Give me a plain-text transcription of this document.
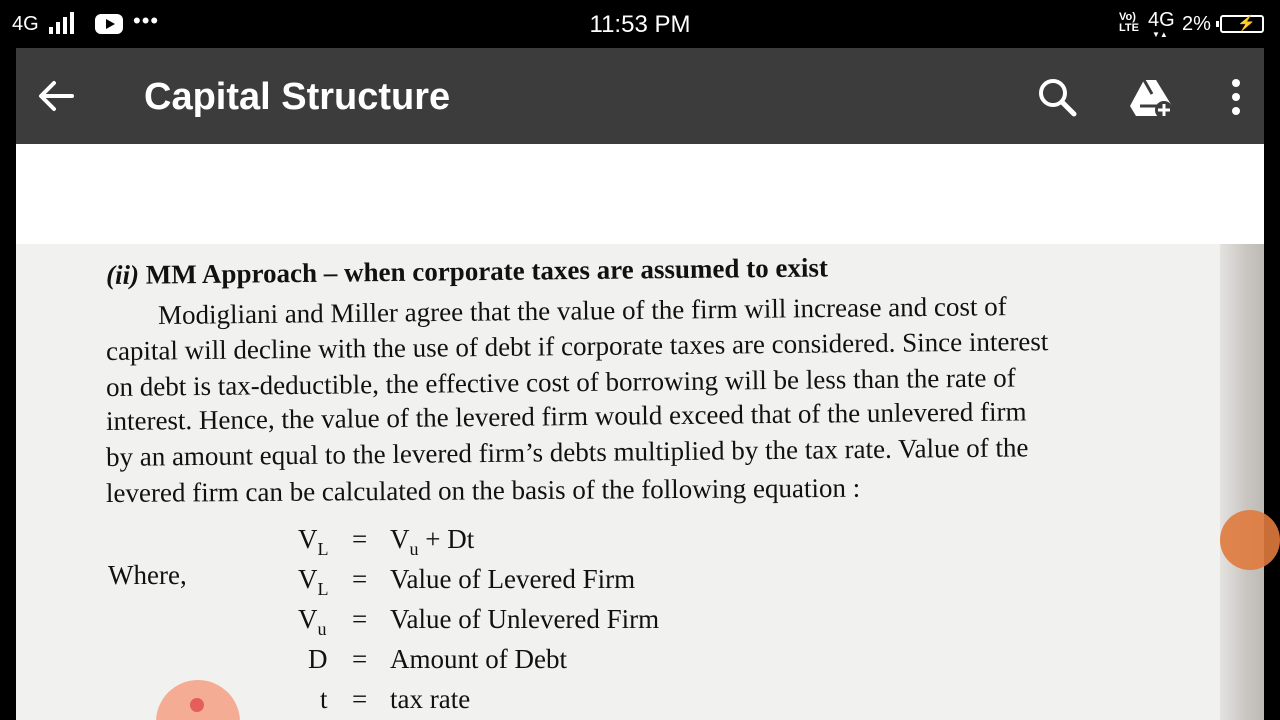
4G	•••	11:53 PM	Vo)
LTE 4G
▼▲ 2% ⚡
Capital Structure
(ii) MM Approach – when corporate taxes are assumed to exist
Modigliani and Miller agree that the value of the firm will increase and cost of
capital will decline with the use of debt if corporate taxes are considered. Since interest
on debt is tax-deductible, the effective cost of borrowing will be less than the rate of
interest. Hence, the value of the levered firm would exceed that of the unlevered firm
by an amount equal to the levered firm’s debts multiplied by the tax rate. Value of the
levered firm can be calculated on the basis of the following equation :
$V_L = V_u + Dt$
Where,	$V_L$ = Value of Levered Firm
$V_u$ = Value of Unlevered Firm
D = Amount of Debt
t = tax rate
